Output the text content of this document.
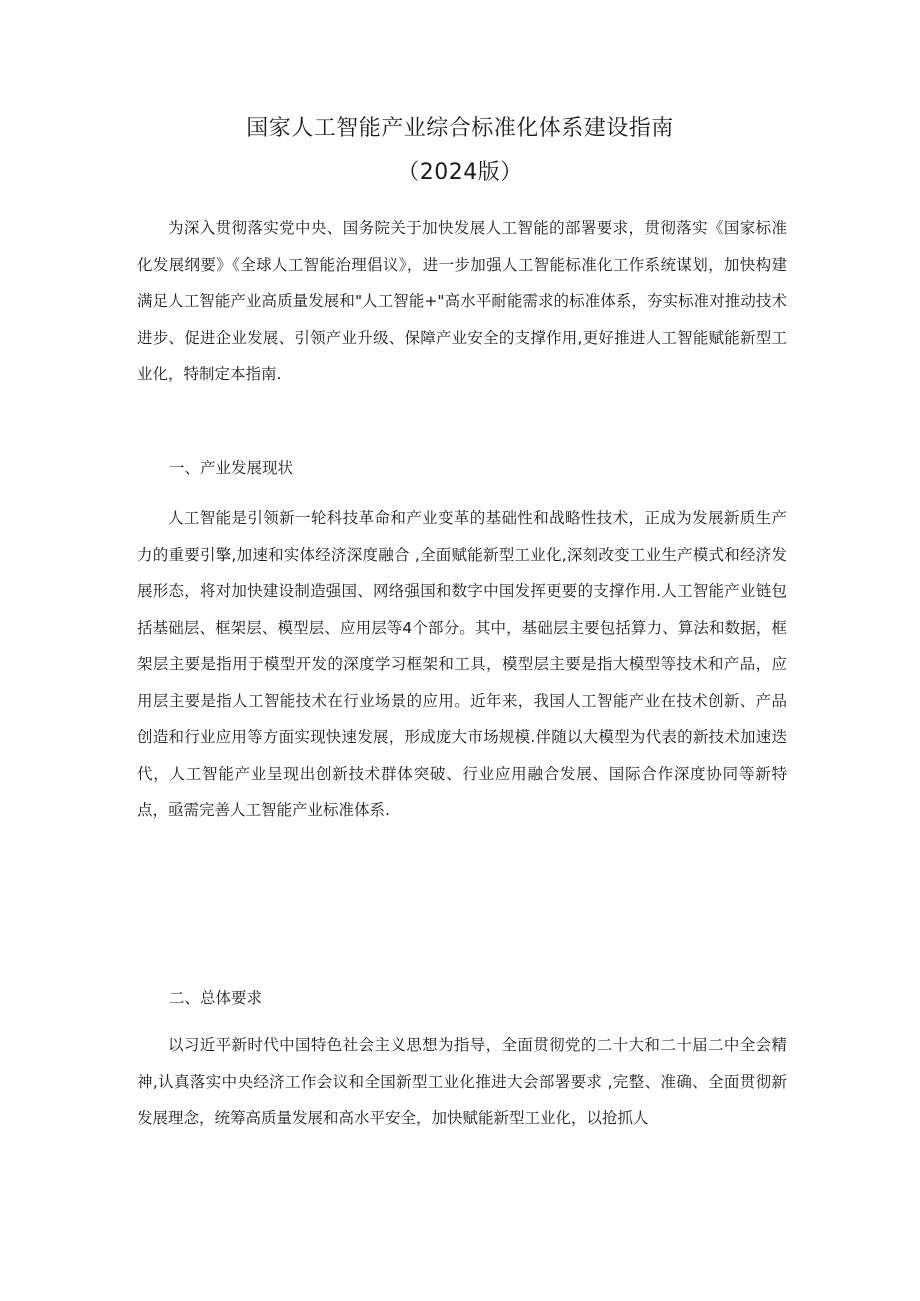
国家人工智能产业综合标准化体系建设指南
（2024版）

为深入贯彻落实党中央、国务院关于加快发展人工智能的部署要求，贯彻落实《国家标准化发展纲要》《全球人工智能治理倡议》，进一步加强人工智能标准化工作系统谋划，加快构建满足人工智能产业高质量发展和"人工智能+"高水平耐能需求的标准体系，夯实标准对推动技术进步、促进企业发展、引领产业升级、保障产业安全的支撑作用,更好推进人工智能赋能新型工业化，特制定本指南.

一、产业发展现状

人工智能是引领新一轮科技革命和产业变革的基础性和战略性技术，正成为发展新质生产力的重要引擎,加速和实体经济深度融合 ,全面赋能新型工业化,深刻改变工业生产模式和经济发展形态，将对加快建设制造强国、网络强国和数字中国发挥更要的支撑作用.人工智能产业链包括基础层、框架层、模型层、应用层等4个部分。其中，基础层主要包括算力、算法和数据，框架层主要是指用于模型开发的深度学习框架和工具，模型层主要是指大模型等技术和产品，应用层主要是指人工智能技术在行业场景的应用。近年来，我国人工智能产业在技术创新、产品创造和行业应用等方面实现快速发展，形成庞大市场规模.伴随以大模型为代表的新技术加速迭代，人工智能产业呈现出创新技术群体突破、行业应用融合发展、国际合作深度协同等新特点，亟需完善人工智能产业标准体系.

二、总体要求

以习近平新时代中国特色社会主义思想为指导，全面贯彻党的二十大和二十届二中全会精神,认真落实中央经济工作会议和全国新型工业化推进大会部署要求 ,完整、准确、全面贯彻新发展理念，统筹高质量发展和高水平安全，加快赋能新型工业化，以抢抓人
